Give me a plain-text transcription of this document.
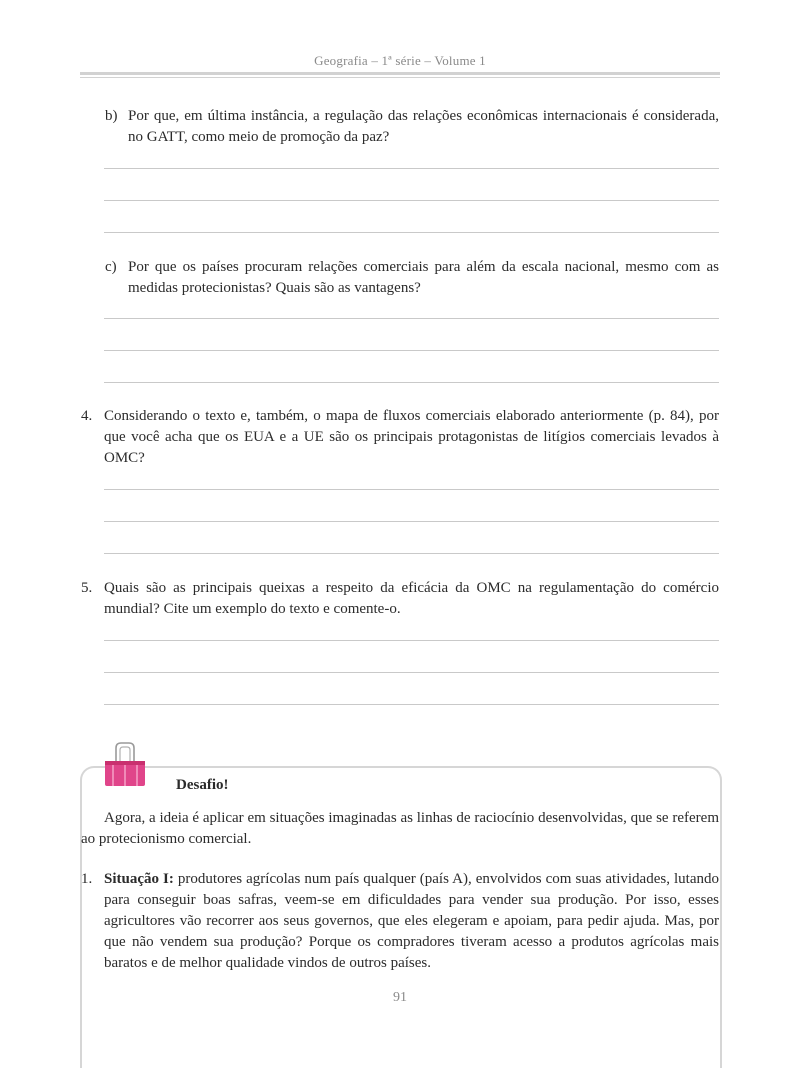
Geografia – 1ª série – Volume 1
b) Por que, em última instância, a regulação das relações econômicas internacionais é considerada, no GATT, como meio de promoção da paz?
c) Por que os países procuram relações comerciais para além da escala nacional, mesmo com as medidas protecionistas? Quais são as vantagens?
4. Considerando o texto e, também, o mapa de fluxos comerciais elaborado anteriormente (p. 84), por que você acha que os EUA e a UE são os principais protagonistas de litígios comerciais levados à OMC?
5. Quais são as principais queixas a respeito da eficácia da OMC na regulamentação do comércio mundial? Cite um exemplo do texto e comente-o.
Desafio!
Agora, a ideia é aplicar em situações imaginadas as linhas de raciocínio desenvolvidas, que se referem ao protecionismo comercial.
1. Situação I: produtores agrícolas num país qualquer (país A), envolvidos com suas atividades, lutando para conseguir boas safras, veem-se em dificuldades para vender sua produção. Por isso, esses agricultores vão recorrer aos seus governos, que eles elegeram e apoiam, para pedir ajuda. Mas, por que não vendem sua produção? Porque os compradores tiveram acesso a produtos agrícolas mais baratos e de melhor qualidade vindos de outros países.
91
